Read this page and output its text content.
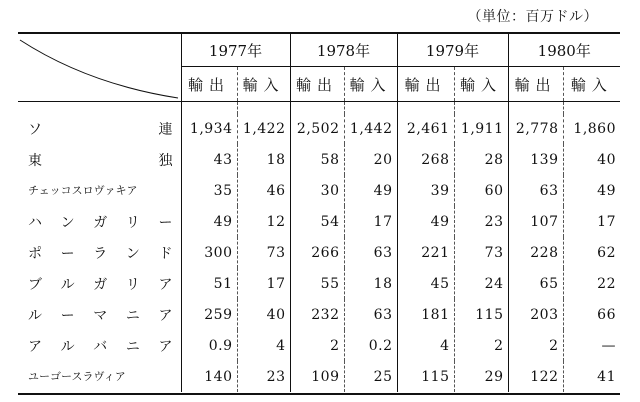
（単位：百万ドル）
	1977年		1978年		1979年		1980年	
	輸出	輸入	輸出	輸入	輸出	輸入	輸出	輸入

ソ 連	1,934	1,422	2,502	1,442	2,461	1,911	2,778	1,860

東 独	43	18	58	20	268	28	139	40

チェッコスロヴァキア	35	46	30	49	39	60	63	49

ハ ン ガ リ ー	49	12	54	17	49	23	107	17

ポ ー ラ ン ド	300	73	266	63	221	73	228	62

ブ ル ガ リ ア	51	17	55	18	45	24	65	22

ル ー マ ニ ア	259	40	232	63	181	115	203	66

ア ル バ ニ ア	0.9	4	2	0.2	4	2	2	—

ユーゴースラヴィア	140	23	109	25	115	29	122	41
